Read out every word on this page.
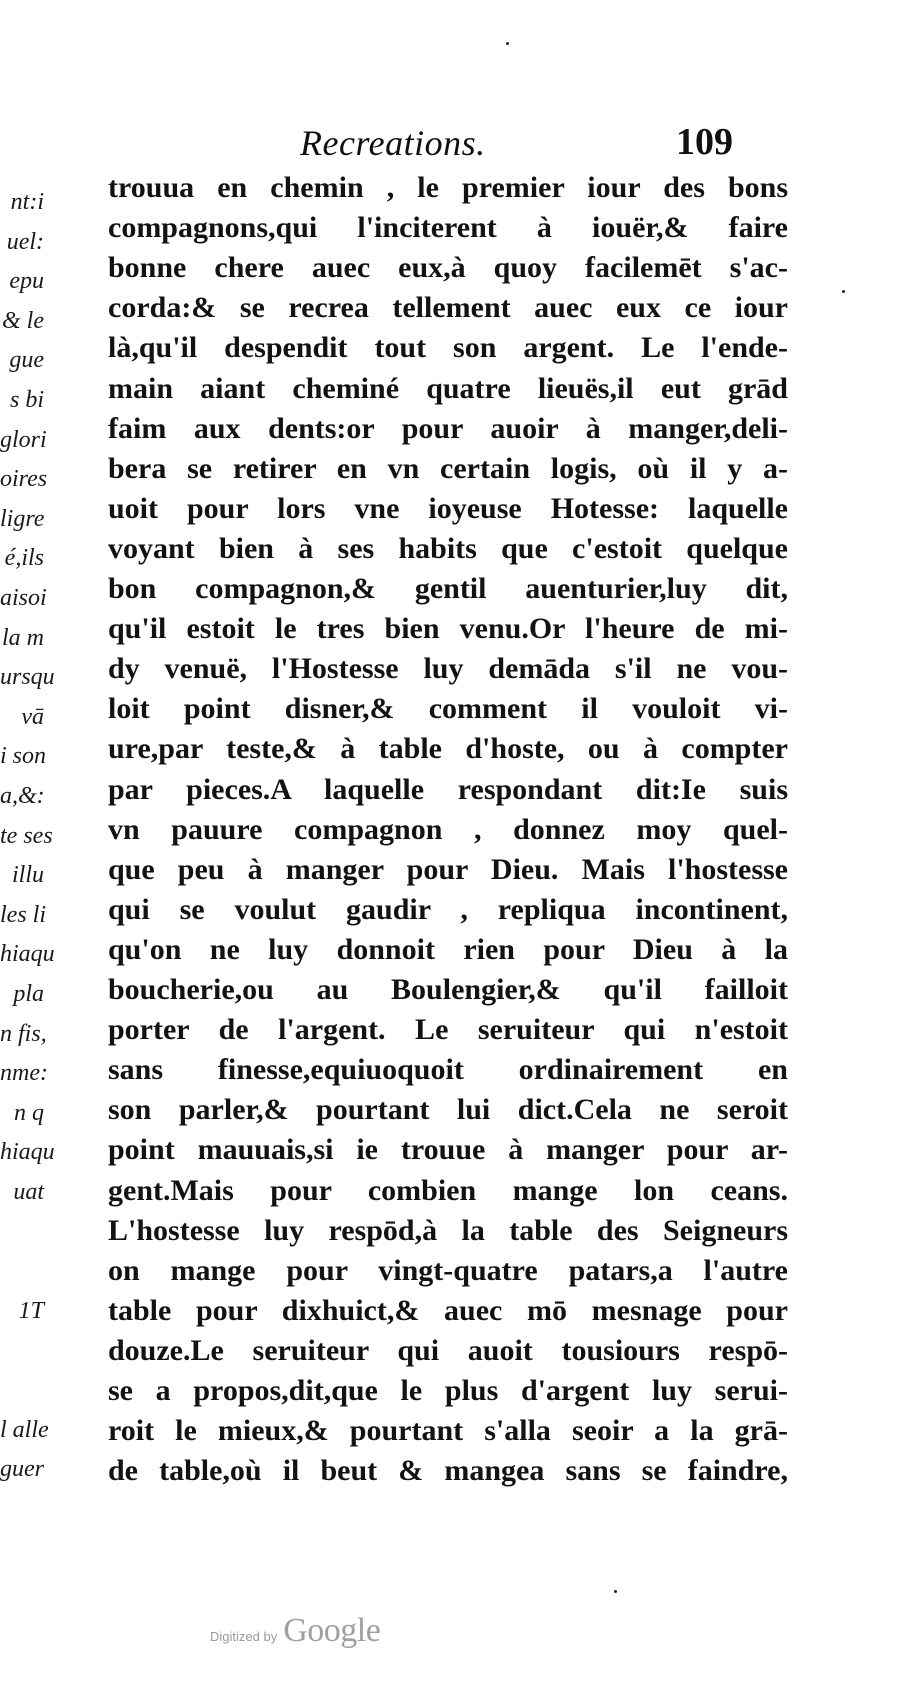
nt:i
uel:
epu
& le
gue
s bi
glori
oires
ligre
é,ils
aisoi
la m
ursqu
vā
i son
a,&:
te ses
illu
les li
hiaqu
pla
n fis,
nme:
n q
hiaqu
uat
1T
l alle
guer
Recreations.	109
trouua en chemin , le premier iour des bons
compagnons,qui l'inciterent à iouër,& faire
bonne chere auec eux,à quoy facilemēt s'ac-
corda:& se recrea tellement auec eux ce iour
là,qu'il despendit tout son argent. Le l'ende-
main aiant cheminé quatre lieuës,il eut grād
faim aux dents:or pour auoir à manger,deli-
bera se retirer en vn certain logis, où il y a-
uoit pour lors vne ioyeuse Hotesse: laquelle
voyant bien à ses habits que c'estoit quelque
bon compagnon,& gentil auenturier,luy dit,
qu'il estoit le tres bien venu.Or l'heure de mi-
dy venuë, l'Hostesse luy demāda s'il ne vou-
loit point disner,& comment il vouloit vi-
ure,par teste,& à table d'hoste, ou à compter
par pieces.A laquelle respondant dit:Ie suis
vn pauure compagnon , donnez moy quel-
que peu à manger pour Dieu. Mais l'hostesse
qui se voulut gaudir , repliqua incontinent,
qu'on ne luy donnoit rien pour Dieu à la
boucherie,ou au Boulengier,& qu'il failloit
porter de l'argent. Le seruiteur qui n'estoit
sans finesse,equiuoquoit ordinairement en
son parler,& pourtant lui dict.Cela ne seroit
point mauuais,si ie trouue à manger pour ar-
gent.Mais pour combien mange lon ceans.
L'hostesse luy respōd,à la table des Seigneurs
on mange pour vingt-quatre patars,a l'autre
table pour dixhuict,& auec mō mesnage pour
douze.Le seruiteur qui auoit tousiours respō-
se a propos,dit,que le plus d'argent luy serui-
roit le mieux,& pourtant s'alla seoir a la grā-
de table,où il beut & mangea sans se faindre,
Digitized by Google
